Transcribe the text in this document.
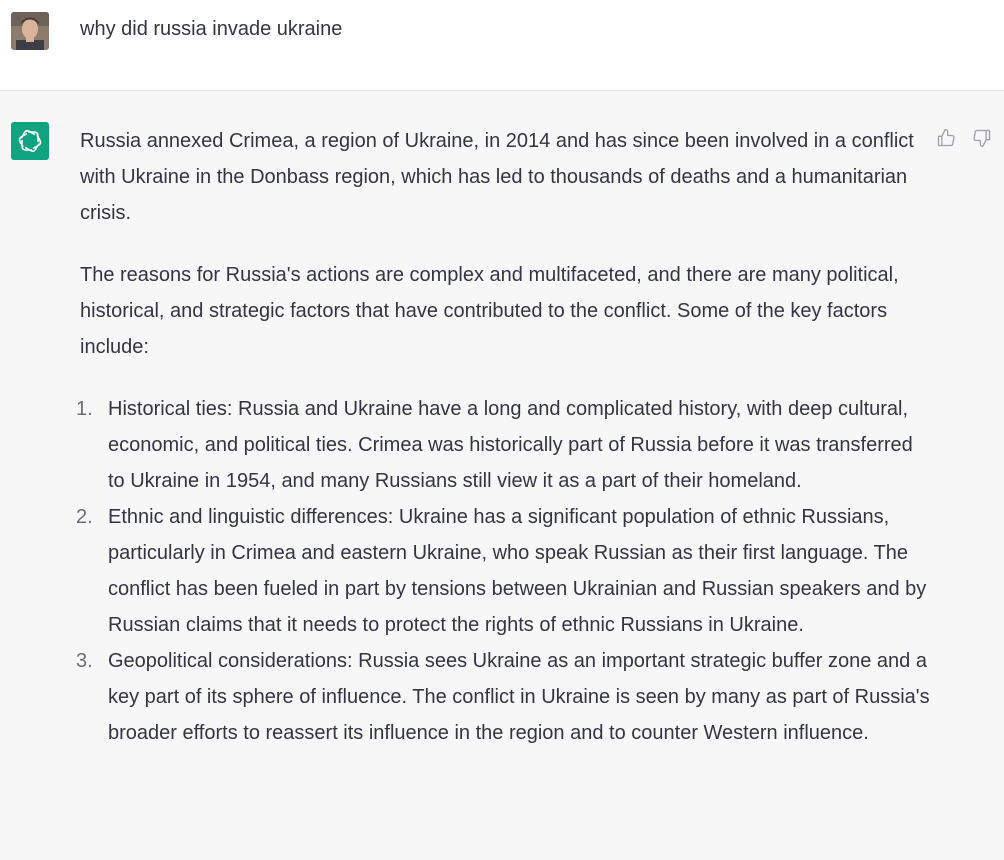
why did russia invade ukraine

Russia annexed Crimea, a region of Ukraine, in 2014 and has since been involved in a conflict with Ukraine in the Donbass region, which has led to thousands of deaths and a humanitarian crisis.

The reasons for Russia's actions are complex and multifaceted, and there are many political, historical, and strategic factors that have contributed to the conflict. Some of the key factors include:

1. Historical ties: Russia and Ukraine have a long and complicated history, with deep cultural, economic, and political ties. Crimea was historically part of Russia before it was transferred to Ukraine in 1954, and many Russians still view it as a part of their homeland.
2. Ethnic and linguistic differences: Ukraine has a significant population of ethnic Russians, particularly in Crimea and eastern Ukraine, who speak Russian as their first language. The conflict has been fueled in part by tensions between Ukrainian and Russian speakers and by Russian claims that it needs to protect the rights of ethnic Russians in Ukraine.
3. Geopolitical considerations: Russia sees Ukraine as an important strategic buffer zone and a key part of its sphere of influence. The conflict in Ukraine is seen by many as part of Russia's broader efforts to reassert its influence in the region and to counter Western influence.
